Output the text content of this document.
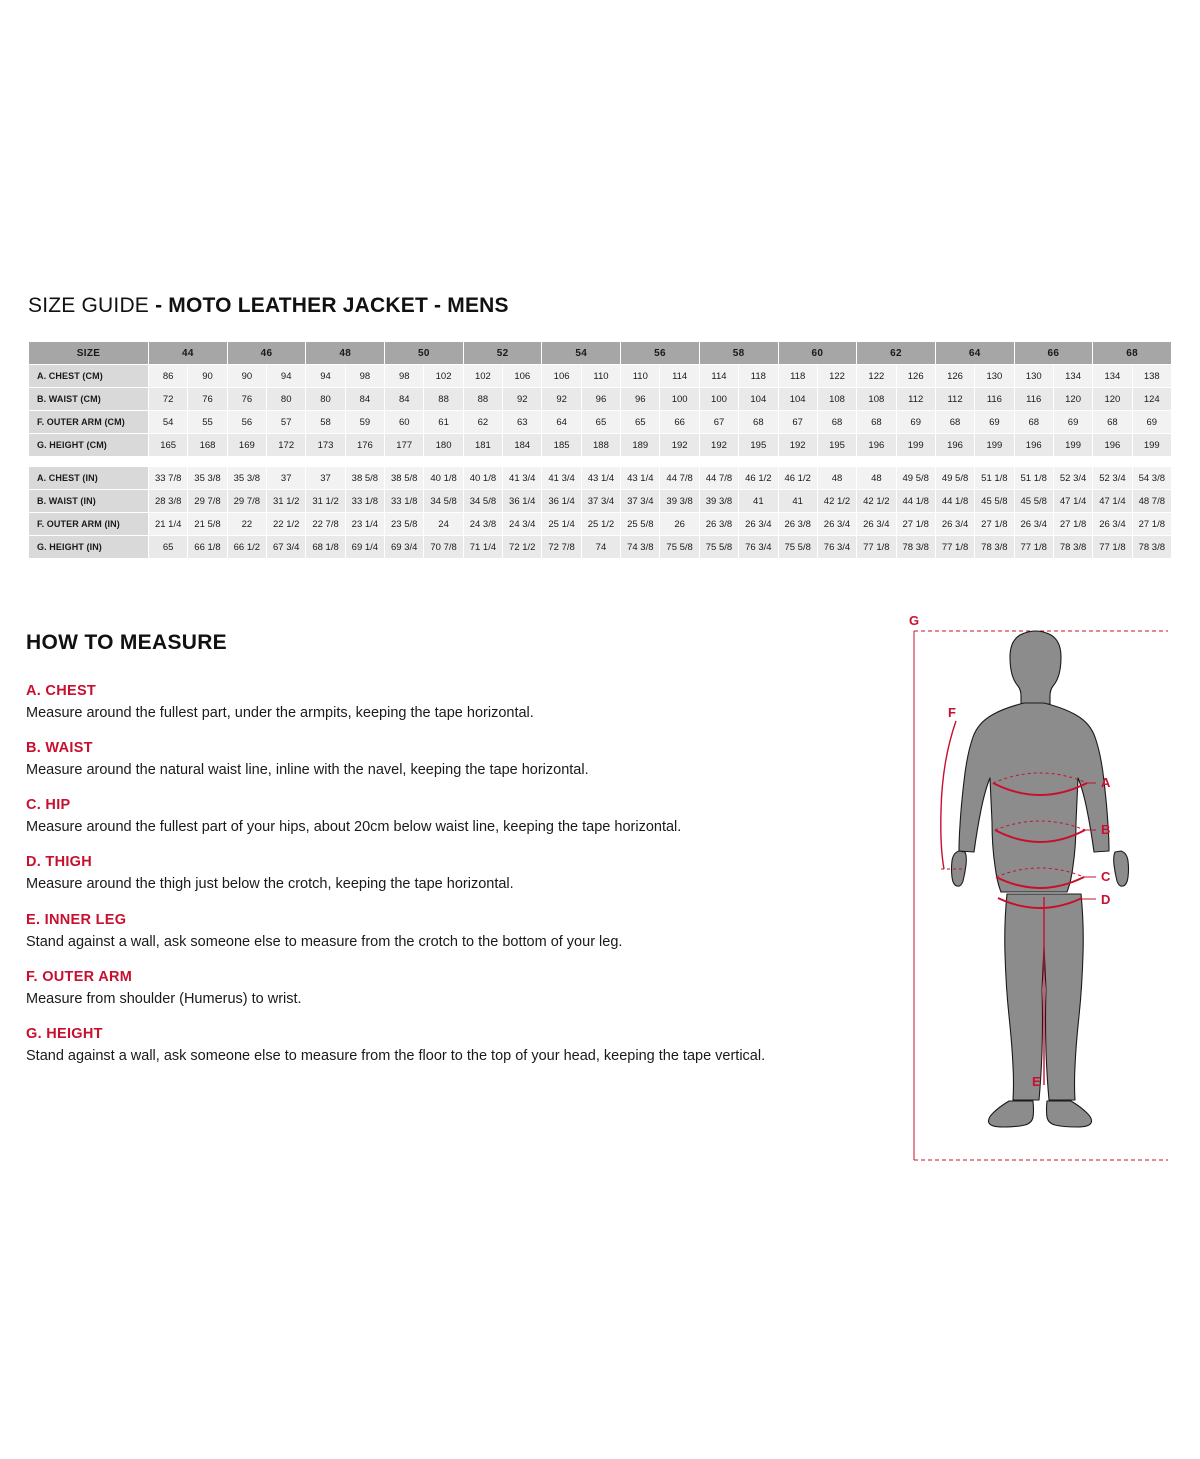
SIZE GUIDE - MOTO LEATHER JACKET - MENS
SIZE	44		46		48		50		52		54		56		58		60		62		64		66		68	
A. CHEST (CM)	86	90	90	94	94	98	98	102	102	106	106	110	110	114	114	118	118	122	122	126	126	130	130	134	134	138
B. WAIST (CM)	72	76	76	80	80	84	84	88	88	92	92	96	96	100	100	104	104	108	108	112	112	116	116	120	120	124
F. OUTER ARM (CM)	54	55	56	57	58	59	60	61	62	63	64	65	65	66	67	68	67	68	68	69	68	69	68	69	68	69
G. HEIGHT (CM)	165	168	169	172	173	176	177	180	181	184	185	188	189	192	192	195	192	195	196	199	196	199	196	199	196	199

A. CHEST (IN)	33 7/8	35 3/8	35 3/8	37	37	38 5/8	38 5/8	40 1/8	40 1/8	41 3/4	41 3/4	43 1/4	43 1/4	44 7/8	44 7/8	46 1/2	46 1/2	48	48	49 5/8	49 5/8	51 1/8	51 1/8	52 3/4	52 3/4	54 3/8
B. WAIST (IN)	28 3/8	29 7/8	29 7/8	31 1/2	31 1/2	33 1/8	33 1/8	34 5/8	34 5/8	36 1/4	36 1/4	37 3/4	37 3/4	39 3/8	39 3/8	41	41	42 1/2	42 1/2	44 1/8	44 1/8	45 5/8	45 5/8	47 1/4	47 1/4	48 7/8
F. OUTER ARM (IN)	21 1/4	21 5/8	22	22 1/2	22 7/8	23 1/4	23 5/8	24	24 3/8	24 3/4	25 1/4	25 1/2	25 5/8	26	26 3/8	26 3/4	26 3/8	26 3/4	26 3/4	27 1/8	26 3/4	27 1/8	26 3/4	27 1/8	26 3/4	27 1/8
G. HEIGHT (IN)	65	66 1/8	66 1/2	67 3/4	68 1/8	69 1/4	69 3/4	70 7/8	71 1/4	72 1/2	72 7/8	74	74 3/8	75 5/8	75 5/8	76 3/4	75 5/8	76 3/4	77 1/8	78 3/8	77 1/8	78 3/8	77 1/8	78 3/8	77 1/8	78 3/8
HOW TO MEASURE
A. CHEST
Measure around the fullest part, under the armpits, keeping the tape horizontal.
B. WAIST
Measure around the natural waist line, inline with the navel, keeping the tape horizontal.
C. HIP
Measure around the fullest part of your hips, about 20cm below waist line, keeping the tape horizontal.
D. THIGH
Measure around the thigh just below the crotch, keeping the tape horizontal.
E. INNER LEG
Stand against a wall, ask someone else to measure from the crotch to the bottom of your leg.
F. OUTER ARM
Measure from shoulder (Humerus) to wrist.
G. HEIGHT
Stand against a wall, ask someone else to measure from the floor to the top of your head, keeping the tape vertical.
A
B
C
D
E
F
G
